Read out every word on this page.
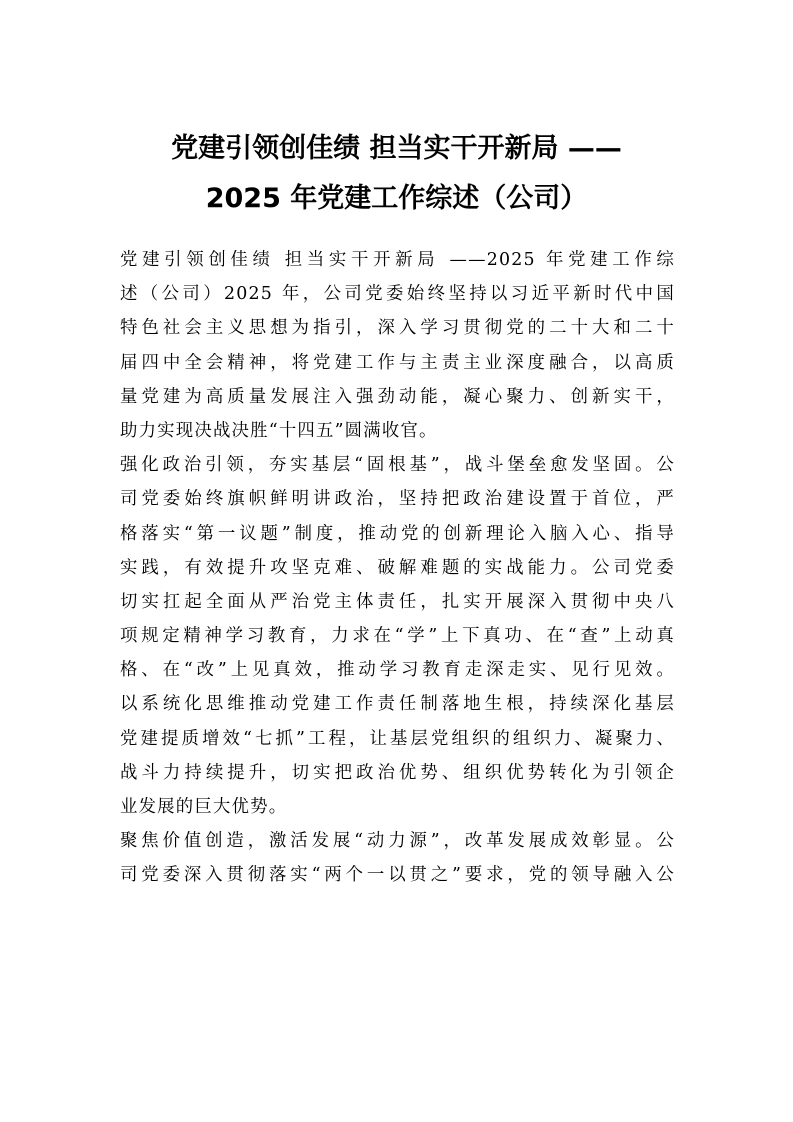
党建引领创佳绩 担当实干开新局 ——
2025 年党建工作综述（公司）
党建引领创佳绩 担当实干开新局 ——2025 年党建工作综
述（公司）2025 年，公司党委始终坚持以习近平新时代中国
特色社会主义思想为指引，深入学习贯彻党的二十大和二十
届四中全会精神，将党建工作与主责主业深度融合，以高质
量党建为高质量发展注入强劲动能，凝心聚力、创新实干，
助力实现决战决胜“十四五”圆满收官。
强化政治引领，夯实基层“固根基”，战斗堡垒愈发坚固。公
司党委始终旗帜鲜明讲政治，坚持把政治建设置于首位，严
格落实“第一议题”制度，推动党的创新理论入脑入心、指导
实践，有效提升攻坚克难、破解难题的实战能力。公司党委
切实扛起全面从严治党主体责任，扎实开展深入贯彻中央八
项规定精神学习教育，力求在“学”上下真功、在“查”上动真
格、在“改”上见真效，推动学习教育走深走实、见行见效。
以系统化思维推动党建工作责任制落地生根，持续深化基层
党建提质增效“七抓”工程，让基层党组织的组织力、凝聚力、
战斗力持续提升，切实把政治优势、组织优势转化为引领企
业发展的巨大优势。
聚焦价值创造，激活发展“动力源”，改革发展成效彰显。公
司党委深入贯彻落实“两个一以贯之”要求，党的领导融入公
